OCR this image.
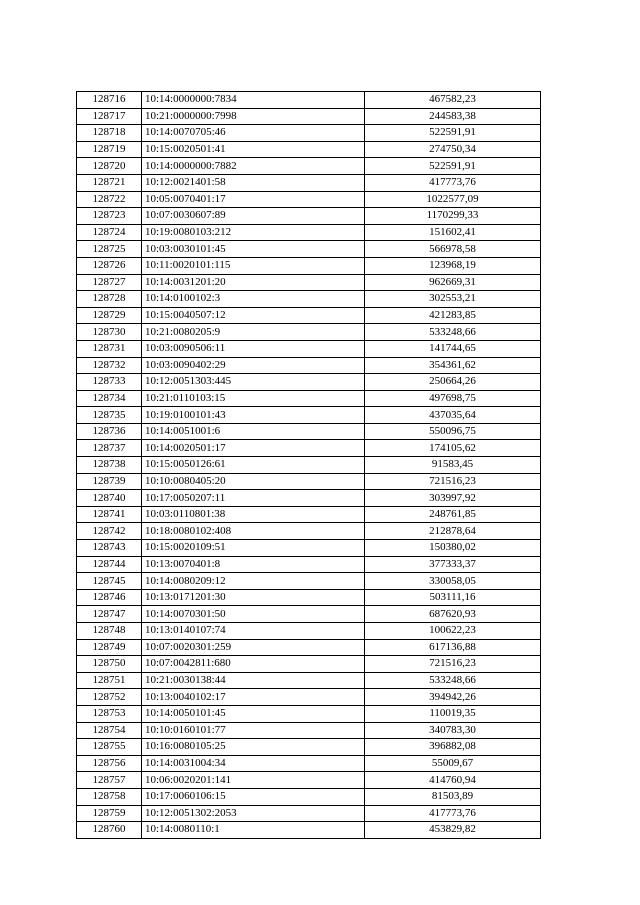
128716	10:14:0000000:7834	467582,23
128717	10:21:0000000:7998	244583,38
128718	10:14:0070705:46	522591,91
128719	10:15:0020501:41	274750,34
128720	10:14:0000000:7882	522591,91
128721	10:12:0021401:58	417773,76
128722	10:05:0070401:17	1022577,09
128723	10:07:0030607:89	1170299,33
128724	10:19:0080103:212	151602,41
128725	10:03:0030101:45	566978,58
128726	10:11:0020101:115	123968,19
128727	10:14:0031201:20	962669,31
128728	10:14:0100102:3	302553,21
128729	10:15:0040507:12	421283,85
128730	10:21:0080205:9	533248,66
128731	10:03:0090506:11	141744,65
128732	10:03:0090402:29	354361,62
128733	10:12:0051303:445	250664,26
128734	10:21:0110103:15	497698,75
128735	10:19:0100101:43	437035,64
128736	10:14:0051001:6	550096,75
128737	10:14:0020501:17	174105,62
128738	10:15:0050126:61	91583,45
128739	10:10:0080405:20	721516,23
128740	10:17:0050207:11	303997,92
128741	10:03:0110801:38	248761,85
128742	10:18:0080102:408	212878,64
128743	10:15:0020109:51	150380,02
128744	10:13:0070401:8	377333,37
128745	10:14:0080209:12	330058,05
128746	10:13:0171201:30	503111,16
128747	10:14:0070301:50	687620,93
128748	10:13:0140107:74	100622,23
128749	10:07:0020301:259	617136,88
128750	10:07:0042811:680	721516,23
128751	10:21:0030138:44	533248,66
128752	10:13:0040102:17	394942,26
128753	10:14:0050101:45	110019,35
128754	10:10:0160101:77	340783,30
128755	10:16:0080105:25	396882,08
128756	10:14:0031004:34	55009,67
128757	10:06:0020201:141	414760,94
128758	10:17:0060106:15	81503,89
128759	10:12:0051302:2053	417773,76
128760	10:14:0080110:1	453829,82
